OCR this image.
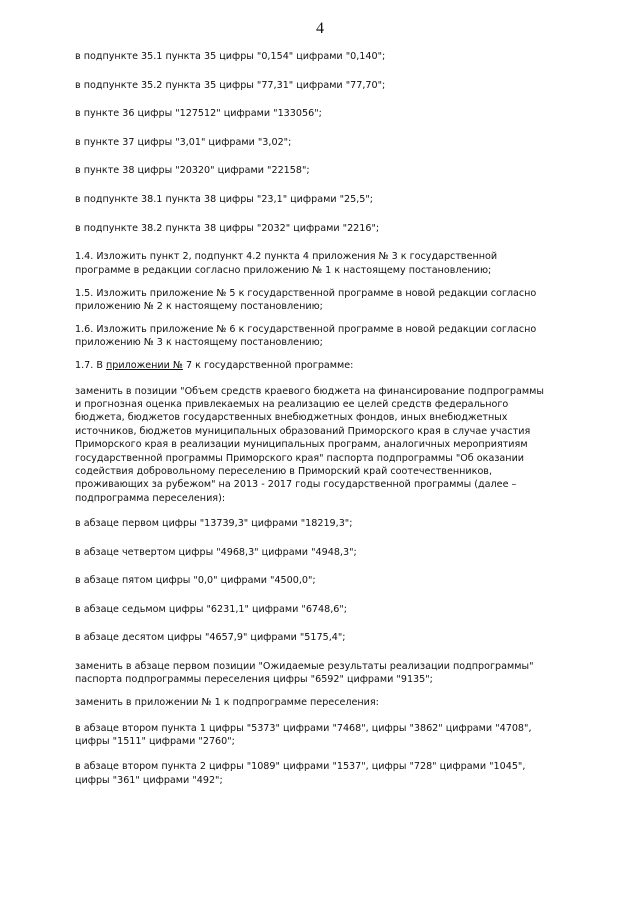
4

в подпункте 35.1 пункта 35 цифры "0,154" цифрами "0,140";

в подпункте 35.2 пункта 35 цифры "77,31" цифрами "77,70";

в пункте 36 цифры "127512" цифрами "133056";

в пункте 37 цифры "3,01" цифрами "3,02";

в пункте 38 цифры "20320" цифрами "22158";

в подпункте 38.1 пункта 38 цифры "23,1" цифрами "25,5";

в подпункте 38.2 пункта 38 цифры "2032" цифрами "2216";

1.4. Изложить пункт 2, подпункт 4.2 пункта 4 приложения № 3 к государственной
программе в редакции согласно приложению № 1 к настоящему постановлению;

1.5. Изложить приложение № 5 к государственной программе в новой редакции согласно
приложению № 2 к настоящему постановлению;

1.6. Изложить приложение № 6 к государственной программе в новой редакции согласно
приложению № 3 к настоящему постановлению;

1.7. В приложении № 7 к государственной программе:

заменить в позиции "Объем средств краевого бюджета на финансирование подпрограммы
и прогнозная оценка привлекаемых на реализацию ее целей средств федерального
бюджета, бюджетов государственных внебюджетных фондов, иных внебюджетных
источников, бюджетов муниципальных образований Приморского края в случае участия
Приморского края в реализации муниципальных программ, аналогичных мероприятиям
государственной программы Приморского края" паспорта подпрограммы "Об оказании
содействия добровольному переселению в Приморский край соотечественников,
проживающих за рубежом" на 2013 - 2017 годы государственной программы (далее –
подпрограмма переселения):

в абзаце первом цифры "13739,3" цифрами "18219,3";

в абзаце четвертом цифры "4968,3" цифрами "4948,3";

в абзаце пятом цифры "0,0" цифрами "4500,0";

в абзаце седьмом цифры "6231,1" цифрами "6748,6";

в абзаце десятом цифры "4657,9" цифрами "5175,4";

заменить в абзаце первом позиции "Ожидаемые результаты реализации подпрограммы"
паспорта подпрограммы переселения цифры "6592" цифрами "9135";

заменить в приложении № 1 к подпрограмме переселения:

в абзаце втором пункта 1 цифры "5373" цифрами "7468", цифры "3862" цифрами "4708",
цифры "1511" цифрами "2760";

в абзаце втором пункта 2 цифры "1089" цифрами "1537", цифры "728" цифрами "1045",
цифры "361" цифрами "492";
